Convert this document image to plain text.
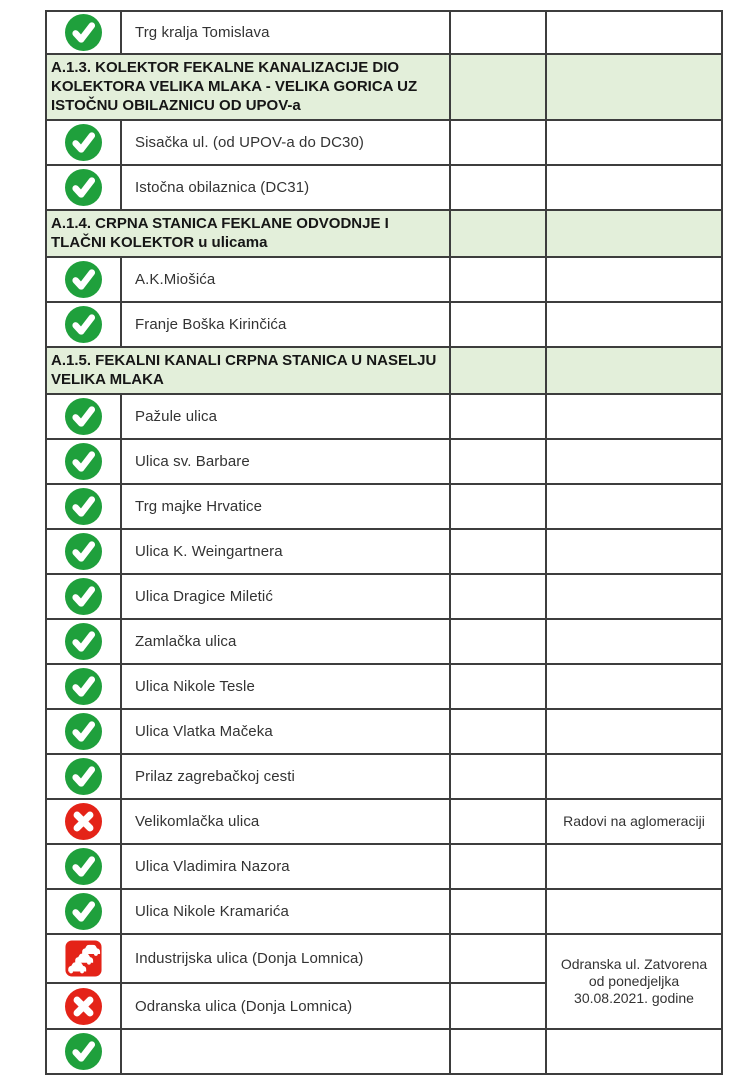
	Trg kralja Tomislava		
A.1.3. KOLEKTOR FEKALNE KANALIZACIJE DIO KOLEKTORA VELIKA MLAKA - VELIKA GORICA UZ ISTOČNU OBILAZNICU OD UPOV-a			

	Sisačka ul. (od UPOV-a do DC30)		

	Istočna obilaznica (DC31)		
A.1.4. CRPNA STANICA FEKLANE ODVODNJE I TLAČNI KOLEKTOR u ulicama			

	A.K.Miošića		

	Franje Boška Kirinčića		
A.1.5. FEKALNI KANALI CRPNA STANICA U NASELJU VELIKA MLAKA			

	Pažule ulica		

	Ulica sv. Barbare		

	Trg majke Hrvatice		

	Ulica K. Weingartnera		

	Ulica Dragice Miletić		

	Zamlačka ulica		

	Ulica Nikole Tesle		

	Ulica Vlatka Mačeka		

	Prilaz zagrebačkoj cesti		

	Velikomlačka ulica		Radovi na aglomeraciji

	Ulica Vladimira Nazora		

	Ulica Nikole Kramarića		

	Industrijska ulica (Donja Lomnica)		Odranska ul. Zatvorena od ponedjeljka 30.08.2021. godine

	Odranska ulica (Donja Lomnica)		
